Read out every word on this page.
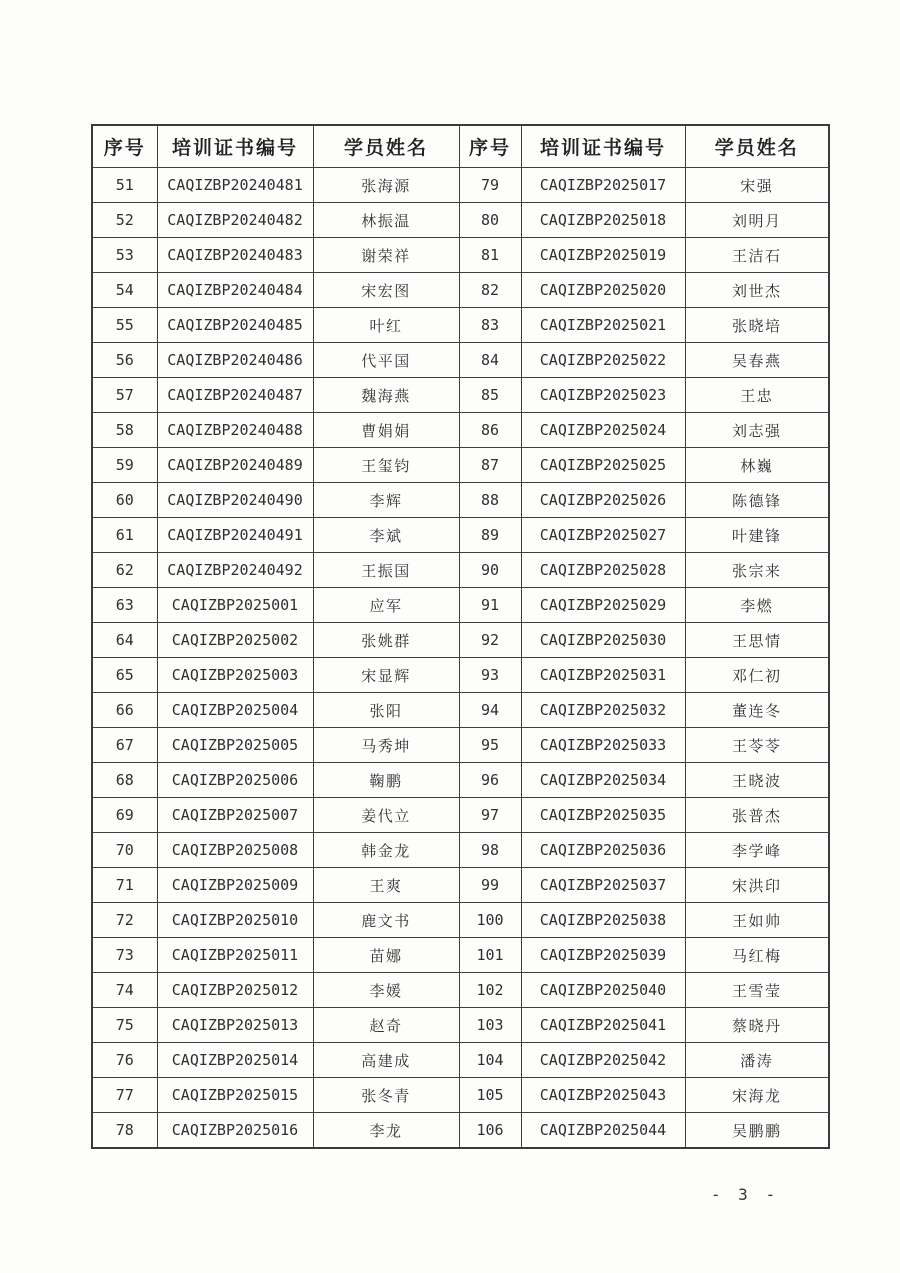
序号	培训证书编号	学员姓名	序号	培训证书编号	学员姓名
51	CAQIZBP20240481	张海源	79	CAQIZBP2025017	宋强
52	CAQIZBP20240482	林振温	80	CAQIZBP2025018	刘明月
53	CAQIZBP20240483	谢荣祥	81	CAQIZBP2025019	王洁石
54	CAQIZBP20240484	宋宏图	82	CAQIZBP2025020	刘世杰
55	CAQIZBP20240485	叶红	83	CAQIZBP2025021	张晓培
56	CAQIZBP20240486	代平国	84	CAQIZBP2025022	吴春燕
57	CAQIZBP20240487	魏海燕	85	CAQIZBP2025023	王忠
58	CAQIZBP20240488	曹娟娟	86	CAQIZBP2025024	刘志强
59	CAQIZBP20240489	王玺钧	87	CAQIZBP2025025	林巍
60	CAQIZBP20240490	李辉	88	CAQIZBP2025026	陈德锋
61	CAQIZBP20240491	李斌	89	CAQIZBP2025027	叶建锋
62	CAQIZBP20240492	王振国	90	CAQIZBP2025028	张宗来
63	CAQIZBP2025001	应军	91	CAQIZBP2025029	李燃
64	CAQIZBP2025002	张姚群	92	CAQIZBP2025030	王思情
65	CAQIZBP2025003	宋显辉	93	CAQIZBP2025031	邓仁初
66	CAQIZBP2025004	张阳	94	CAQIZBP2025032	董连冬
67	CAQIZBP2025005	马秀坤	95	CAQIZBP2025033	王苓苓
68	CAQIZBP2025006	鞠鹏	96	CAQIZBP2025034	王晓波
69	CAQIZBP2025007	姜代立	97	CAQIZBP2025035	张普杰
70	CAQIZBP2025008	韩金龙	98	CAQIZBP2025036	李学峰
71	CAQIZBP2025009	王爽	99	CAQIZBP2025037	宋洪印
72	CAQIZBP2025010	鹿文书	100	CAQIZBP2025038	王如帅
73	CAQIZBP2025011	苗娜	101	CAQIZBP2025039	马红梅
74	CAQIZBP2025012	李媛	102	CAQIZBP2025040	王雪莹
75	CAQIZBP2025013	赵奇	103	CAQIZBP2025041	蔡晓丹
76	CAQIZBP2025014	高建成	104	CAQIZBP2025042	潘涛
77	CAQIZBP2025015	张冬青	105	CAQIZBP2025043	宋海龙
78	CAQIZBP2025016	李龙	106	CAQIZBP2025044	吴鹏鹏
- 3 -
